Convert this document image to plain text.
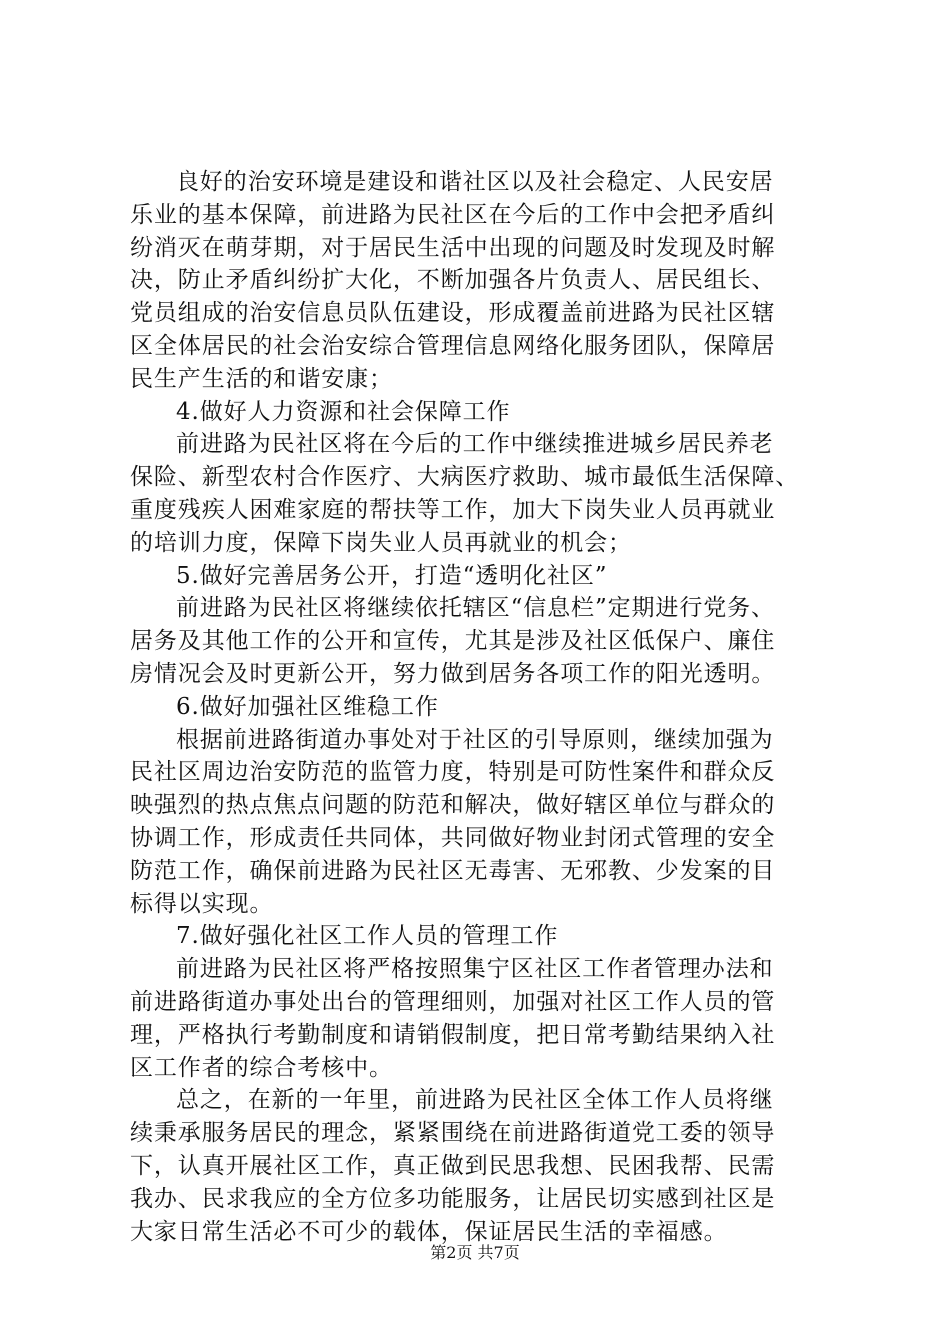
良好的治安环境是建设和谐社区以及社会稳定、人民安居
乐业的基本保障，前进路为民社区在今后的工作中会把矛盾纠
纷消灭在萌芽期，对于居民生活中出现的问题及时发现及时解
决，防止矛盾纠纷扩大化，不断加强各片负责人、居民组长、
党员组成的治安信息员队伍建设，形成覆盖前进路为民社区辖
区全体居民的社会治安综合管理信息网络化服务团队，保障居
民生产生活的和谐安康；
4.做好人力资源和社会保障工作
前进路为民社区将在今后的工作中继续推进城乡居民养老
保险、新型农村合作医疗、大病医疗救助、城市最低生活保障、
重度残疾人困难家庭的帮扶等工作，加大下岗失业人员再就业
的培训力度，保障下岗失业人员再就业的机会；
5.做好完善居务公开，打造“透明化社区”
前进路为民社区将继续依托辖区“信息栏”定期进行党务、
居务及其他工作的公开和宣传，尤其是涉及社区低保户、廉住
房情况会及时更新公开，努力做到居务各项工作的阳光透明。
6.做好加强社区维稳工作
根据前进路街道办事处对于社区的引导原则，继续加强为
民社区周边治安防范的监管力度，特别是可防性案件和群众反
映强烈的热点焦点问题的防范和解决，做好辖区单位与群众的
协调工作，形成责任共同体，共同做好物业封闭式管理的安全
防范工作，确保前进路为民社区无毒害、无邪教、少发案的目
标得以实现。
7.做好强化社区工作人员的管理工作
前进路为民社区将严格按照集宁区社区工作者管理办法和
前进路街道办事处出台的管理细则，加强对社区工作人员的管
理，严格执行考勤制度和请销假制度，把日常考勤结果纳入社
区工作者的综合考核中。
总之，在新的一年里，前进路为民社区全体工作人员将继
续秉承服务居民的理念，紧紧围绕在前进路街道党工委的领导
下，认真开展社区工作，真正做到民思我想、民困我帮、民需
我办、民求我应的全方位多功能服务，让居民切实感到社区是
大家日常生活必不可少的载体，保证居民生活的幸福感。
第2页 共7页
